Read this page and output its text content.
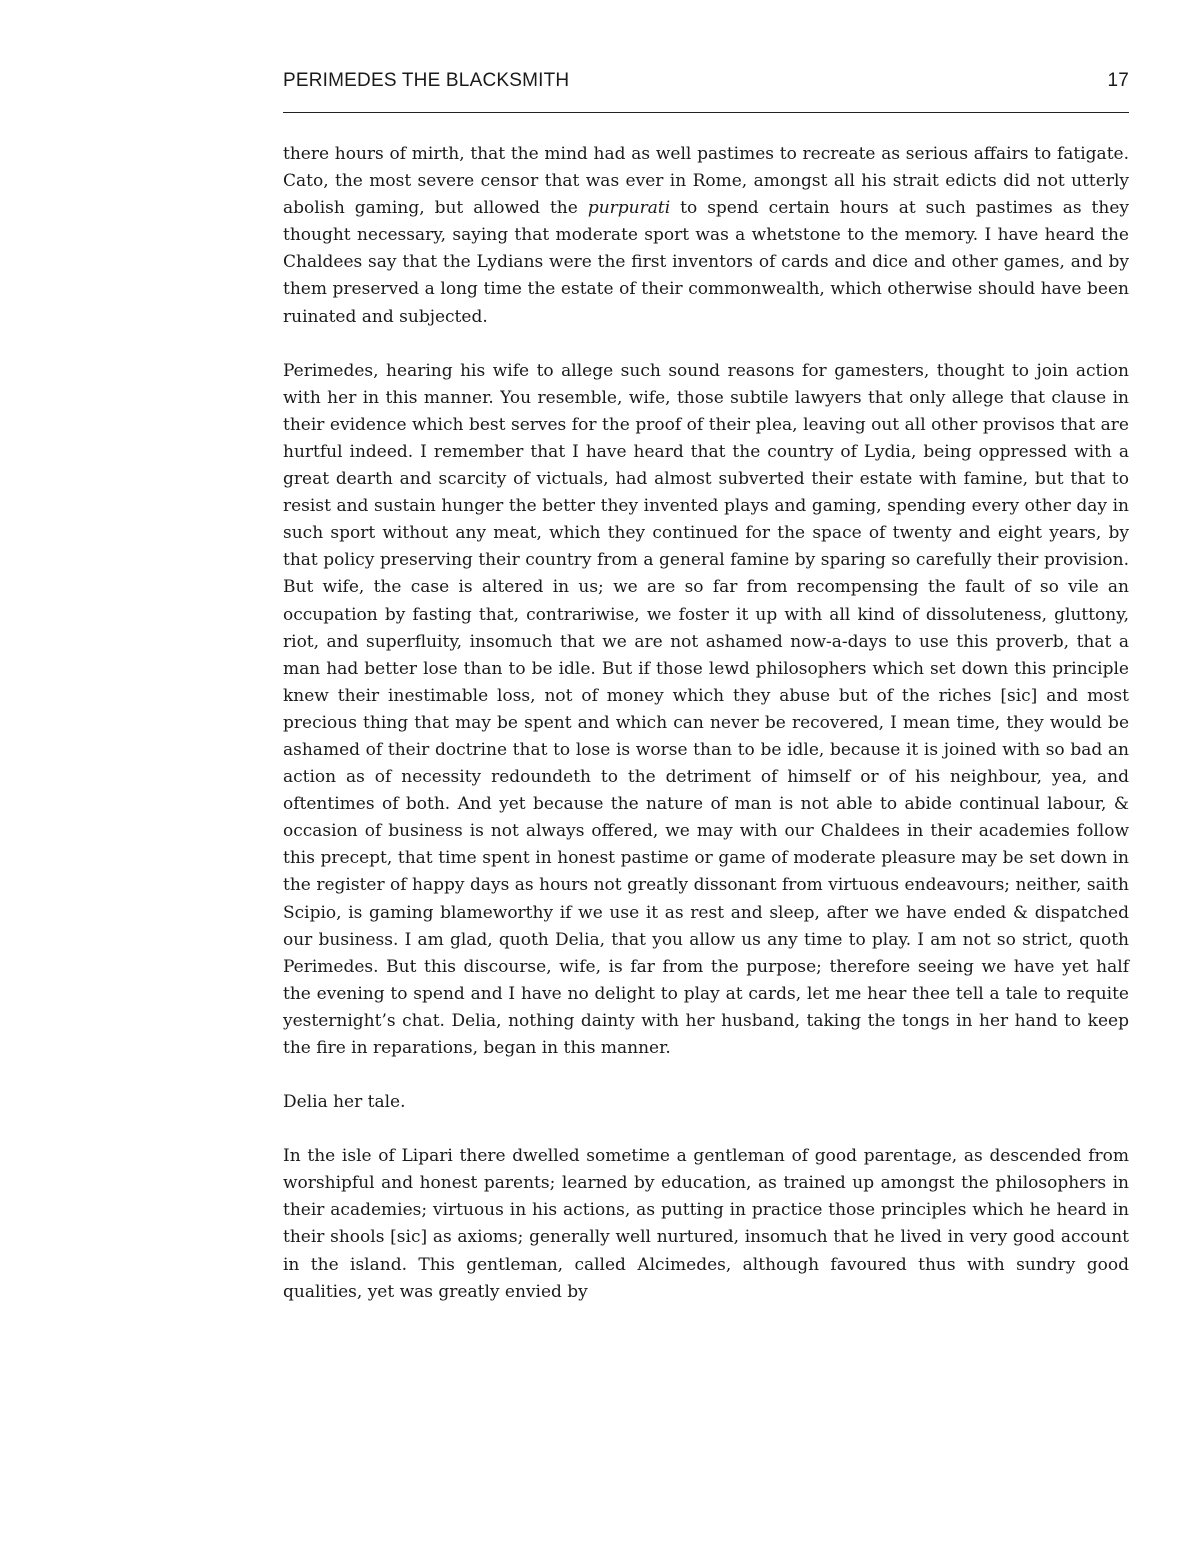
PERIMEDES THE BLACKSMITH	17

there hours of mirth, that the mind had as well pastimes to recreate as serious affairs to fatigate. Cato, the most severe censor that was ever in Rome, amongst all his strait edicts did not utterly abolish gaming, but allowed the purpurati to spend certain hours at such pastimes as they thought necessary, saying that moderate sport was a whetstone to the memory. I have heard the Chaldees say that the Lydians were the first inventors of cards and dice and other games, and by them preserved a long time the estate of their commonwealth, which otherwise should have been ruinated and subjected.

Perimedes, hearing his wife to allege such sound reasons for gamesters, thought to join action with her in this manner. You resemble, wife, those subtile lawyers that only allege that clause in their evidence which best serves for the proof of their plea, leaving out all other provisos that are hurtful indeed. I remember that I have heard that the country of Lydia, being oppressed with a great dearth and scarcity of victuals, had almost subverted their estate with famine, but that to resist and sustain hunger the better they invented plays and gaming, spending every other day in such sport without any meat, which they continued for the space of twenty and eight years, by that policy preserving their country from a general famine by sparing so carefully their provision. But wife, the case is altered in us; we are so far from recompensing the fault of so vile an occupation by fasting that, contrariwise, we foster it up with all kind of dissoluteness, gluttony, riot, and superfluity, insomuch that we are not ashamed now-a-days to use this proverb, that a man had better lose than to be idle. But if those lewd philosophers which set down this principle knew their inestimable loss, not of money which they abuse but of the riches [sic] and most precious thing that may be spent and which can never be recovered, I mean time, they would be ashamed of their doctrine that to lose is worse than to be idle, because it is joined with so bad an action as of necessity redoundeth to the detriment of himself or of his neighbour, yea, and oftentimes of both. And yet because the nature of man is not able to abide continual labour, & occasion of business is not always offered, we may with our Chaldees in their academies follow this precept, that time spent in honest pastime or game of moderate pleasure may be set down in the register of happy days as hours not greatly dissonant from virtuous endeavours; neither, saith Scipio, is gaming blameworthy if we use it as rest and sleep, after we have ended & dispatched our business. I am glad, quoth Delia, that you allow us any time to play. I am not so strict, quoth Perimedes. But this discourse, wife, is far from the purpose; therefore seeing we have yet half the evening to spend and I have no delight to play at cards, let me hear thee tell a tale to requite yesternight’s chat. Delia, nothing dainty with her husband, taking the tongs in her hand to keep the fire in reparations, began in this manner.

Delia her tale.

In the isle of Lipari there dwelled sometime a gentleman of good parentage, as descended from worshipful and honest parents; learned by education, as trained up amongst the philosophers in their academies; virtuous in his actions, as putting in practice those principles which he heard in their shools [sic] as axioms; generally well nurtured, insomuch that he lived in very good account in the island. This gentleman, called Alcimedes, although favoured thus with sundry good qualities, yet was greatly envied by
